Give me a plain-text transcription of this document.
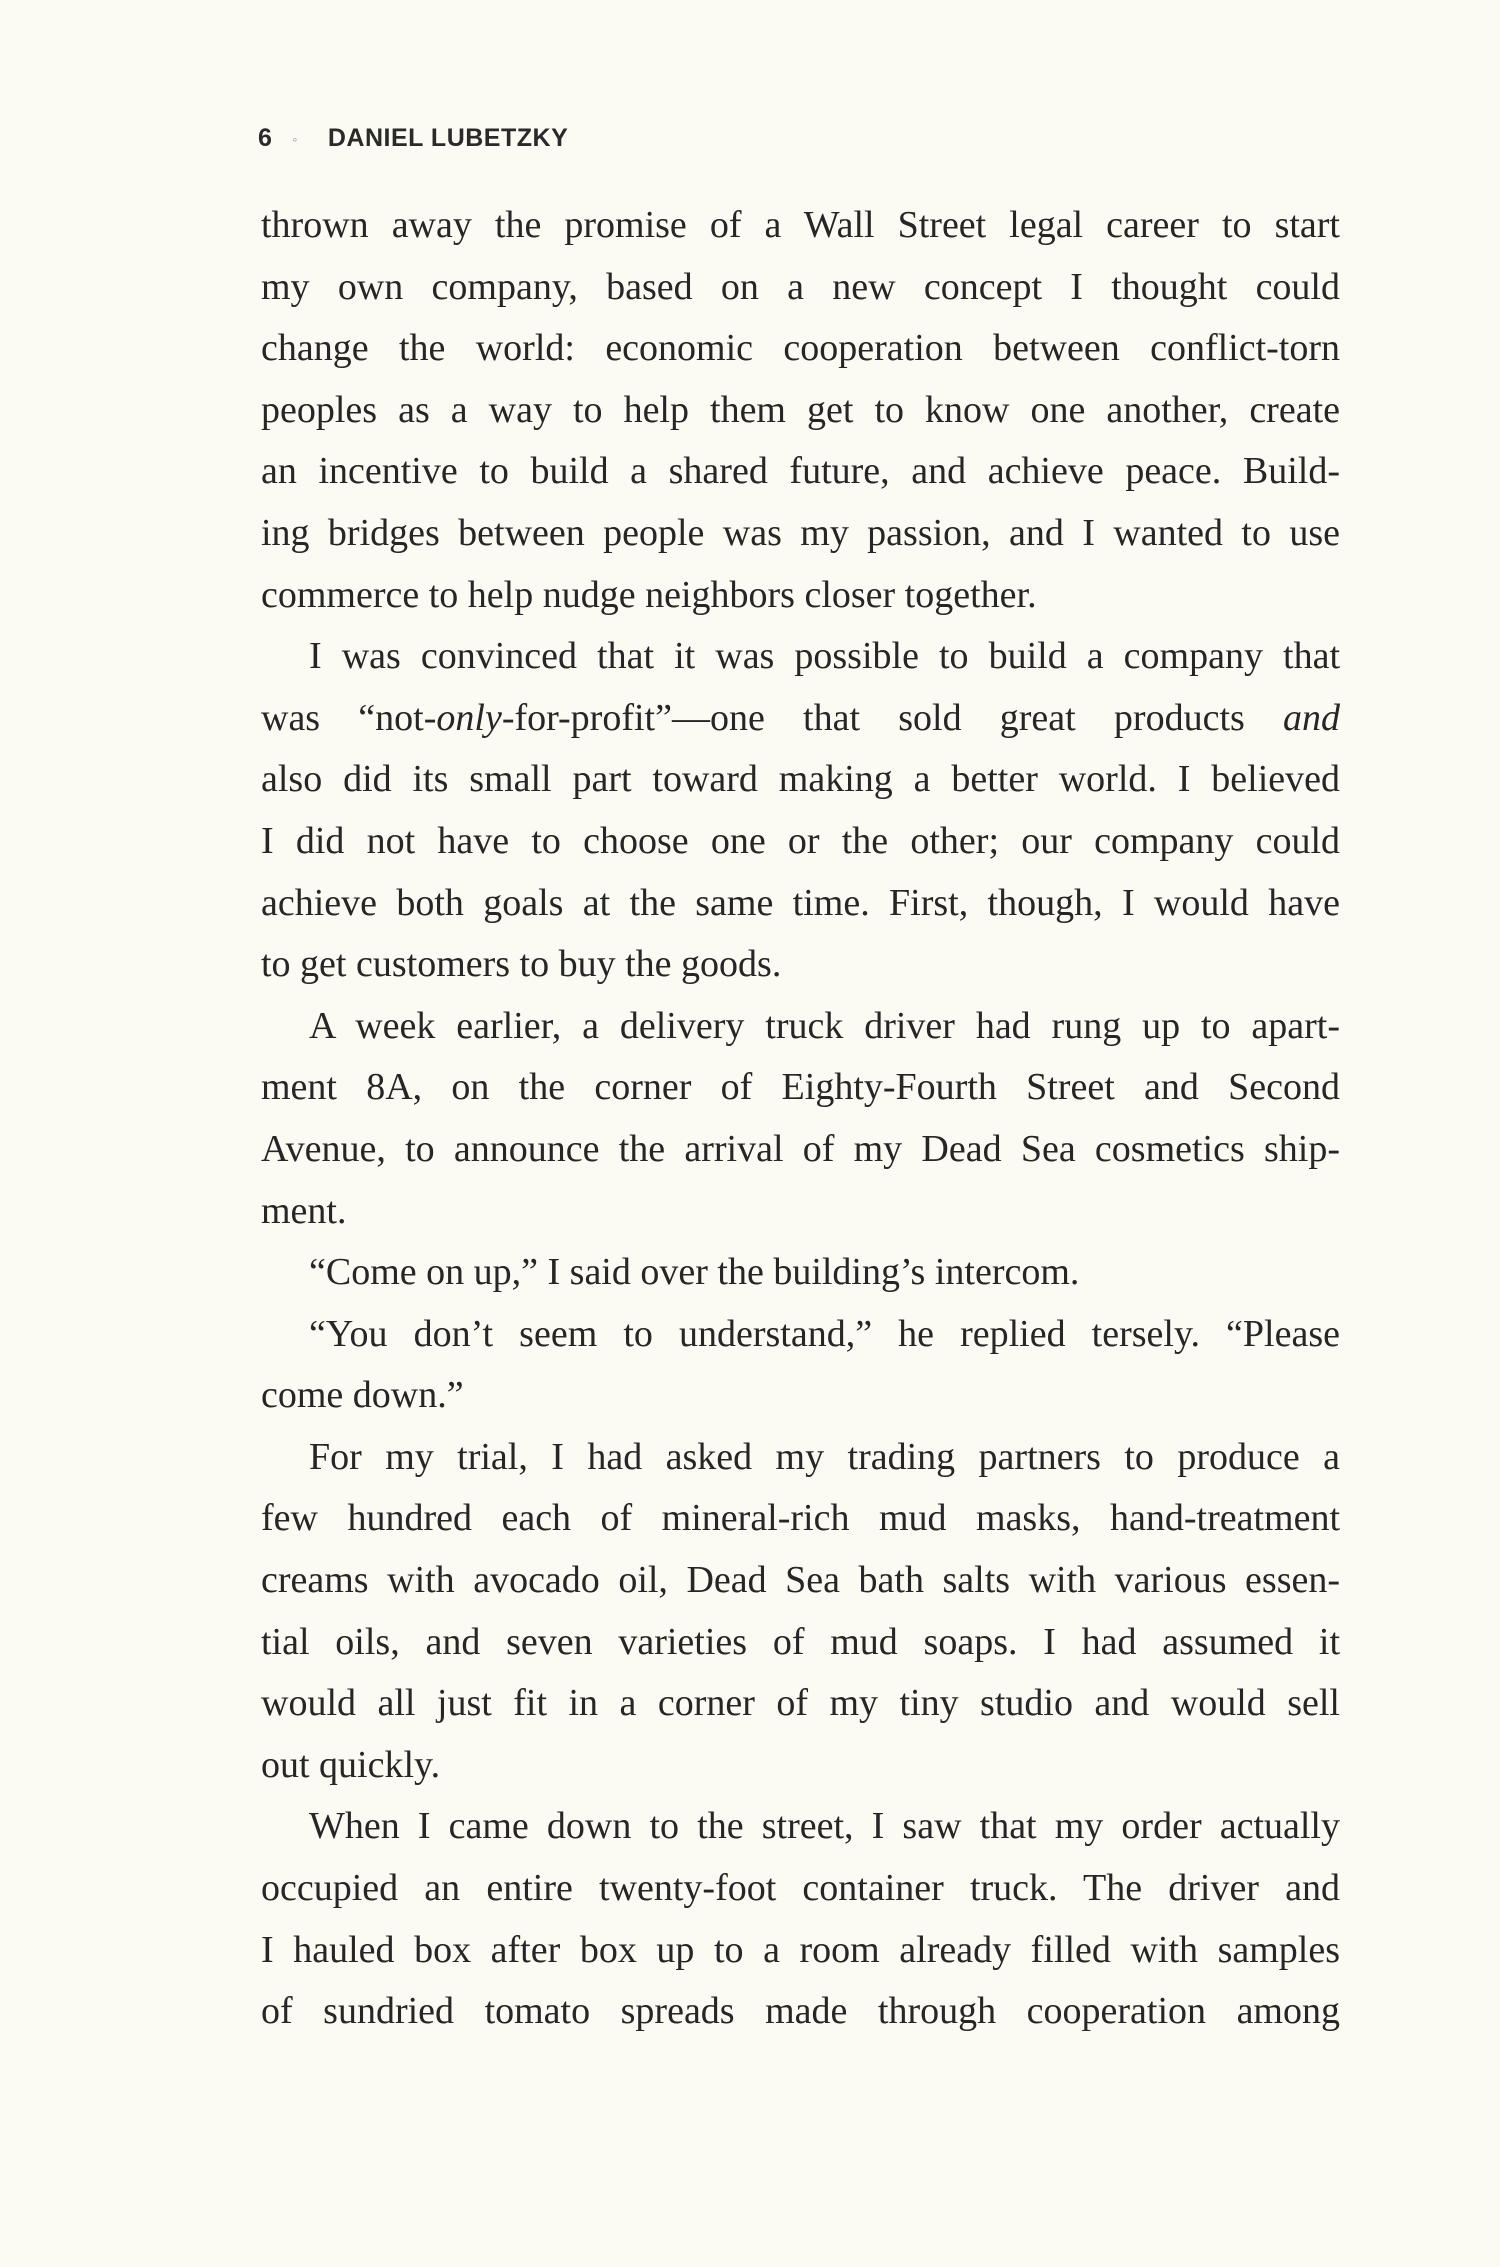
6 ◦ DANIEL LUBETZKY
thrown away the promise of a Wall Street legal career to start
my own company, based on a new concept I thought could
change the world: economic cooperation between conflict-torn
peoples as a way to help them get to know one another, create
an incentive to build a shared future, and achieve peace. Build-
ing bridges between people was my passion, and I wanted to use
commerce to help nudge neighbors closer together.
I was convinced that it was possible to build a company that
was “not-only-for-profit”—one that sold great products and
also did its small part toward making a better world. I believed
I did not have to choose one or the other; our company could
achieve both goals at the same time. First, though, I would have
to get customers to buy the goods.
A week earlier, a delivery truck driver had rung up to apart-
ment 8A, on the corner of Eighty-Fourth Street and Second
Avenue, to announce the arrival of my Dead Sea cosmetics ship-
ment.
“Come on up,” I said over the building’s intercom.
“You don’t seem to understand,” he replied tersely. “Please
come down.”
For my trial, I had asked my trading partners to produce a
few hundred each of mineral-rich mud masks, hand-treatment
creams with avocado oil, Dead Sea bath salts with various essen-
tial oils, and seven varieties of mud soaps. I had assumed it
would all just fit in a corner of my tiny studio and would sell
out quickly.
When I came down to the street, I saw that my order actually
occupied an entire twenty-foot container truck. The driver and
I hauled box after box up to a room already filled with samples
of sundried tomato spreads made through cooperation among
